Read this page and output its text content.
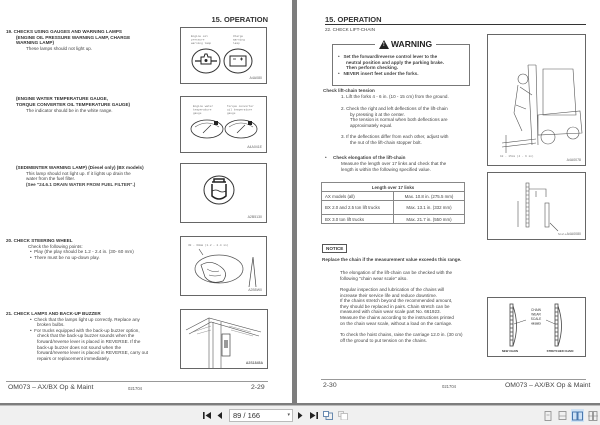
15. OPERATION
19. CHECKS USING GAUGES AND WARNING LAMPS
(ENGINE OIL PRESSURE WARNING LAMP, CHARGE
WARNING LAMP)
These lamps should not light up.
Engine oil
pressure
warning lamp
Charge
warning
lamp
A4A080
(ENGINE WATER TEMPERATURE GAUGE,
TORQUE CONVERTER OIL TEMPERATURE GAUGE)
The indicator should be in the white range.
Engine water
temperature
gauge
Torque converter
oil temperature
gauge
A4A041E
(SEDIMENTER WARNING LAMP) (Diesel only) (BX models)
This lamp should not light up. If it lights up drain the
water from the fuel filter.
(See "24.6.1 DRAIN WATER FROM FUEL FILTER".)
A2B5130
20. CHECK STEERING WHEEL
Check the following points:
•  Play (the play should be 1.2 - 2.4 in. (30- 60 mm)
•  There must be no up-down play.
30 - 60mm (1.2 - 2.4 in)
A2B5W0
21. CHECK LAMPS AND BACK-UP BUZZER
•  Check that the lamps light up correctly. Replace any
broken bulbs.
•  For trucks equipped with the back-up buzzer option,
check that the back-up buzzer sounds when the
forward/reverse lever is placed in REVERSE. If the
back-up buzzer does not sound when the
forward/reverse lever is placed in REVERSE, carry out
repairs or replacement immediately.
A2S1845A
OM073 – AX/BX Op & Maint	021704	2-29
15. OPERATION
22. CHECK LIFT-CHAIN
! WARNING
•   Set the forward/reverse control lever to the
neutral position and apply the parking brake.
Then perform checking.
•   NEVER insert feet under the forks.
Check lift-chain tension
1. Lift the forks 4 - 6 in. (10 - 15 cm) from the ground.
2. Check the right and left deflections of the lift-chain
by pressing it at the center.
The tension is normal when both deflections are
approximately equal.
3. If the deflections differ from each other, adjust with
the nut of the lift-chain stopper bolt.
10 - 15cm (4 - 6 in)
A4A0078
•     Check elongation of the lift-chain
Measure the length over 17 links and check that the
length is within the following specified value.
Length over 17 links	
AX models (all)	Max. 10.8 in. (275.5 mm)
BX 2.0 and 2.5 ton lift trucks	Max. 13.1 in. (332 mm)
BX 3.0 ton lift trucks	Max. 21.7 in. (550 mm)
Scale A4A0080
NOTICE
Replace the chain if the measurement value exceeds this range.
The elongation of the lift-chain can be checked with the
following "chain wear scale" also.
Regular inspection and lubrication of the chains will
increase their service life and reduce downtime.
If the chains stretch beyond the recommended amount,
they should be replaced in pairs. Chain stretch can be
measured with chain wear scale part No. 661923.
Measure the chains according to the instructions printed
on the chain wear scale, without a load on the carriage.
To check the hoist chains, raise the carriage 12.0 in. (30 cm)
off the ground to put tension on the chains.
CHAIN
WEAR
SCALE
661923
NEW CHAIN	STRETCHED CHAIN
2-30	021704	OM073 – AX/BX Op & Maint
89 / 166	▾
